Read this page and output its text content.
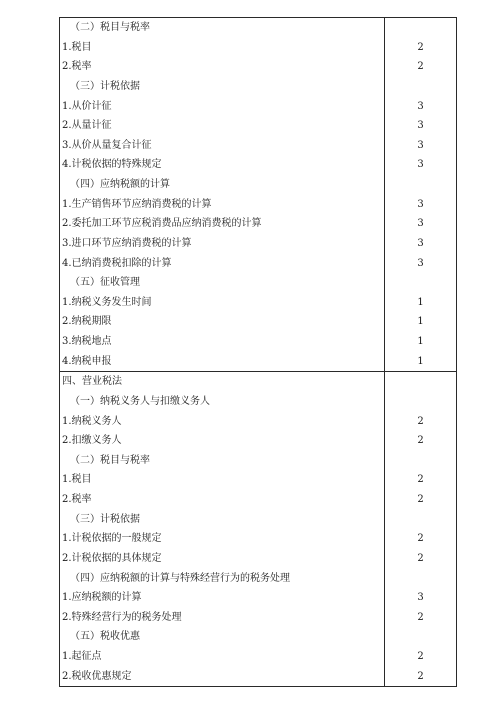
（二）税目与税率	
1.税目	2
2.税率	2
（三）计税依据	
1.从价计征	3
2.从量计征	3
3.从价从量复合计征	3
4.计税依据的特殊规定	3
（四）应纳税额的计算	
1.生产销售环节应纳消费税的计算	3
2.委托加工环节应税消费品应纳消费税的计算	3
3.进口环节应纳消费税的计算	3
4.已纳消费税扣除的计算	3
（五）征收管理	
1.纳税义务发生时间	1
2.纳税期限	1
3.纳税地点	1
4.纳税申报	1
四、营业税法	
（一）纳税义务人与扣缴义务人	
1.纳税义务人	2
2.扣缴义务人	2
（二）税目与税率	
1.税目	2
2.税率	2
（三）计税依据	
1.计税依据的一般规定	2
2.计税依据的具体规定	2
（四）应纳税额的计算与特殊经营行为的税务处理	
1.应纳税额的计算	3
2.特殊经营行为的税务处理	2
（五）税收优惠	
1.起征点	2
2.税收优惠规定	2
